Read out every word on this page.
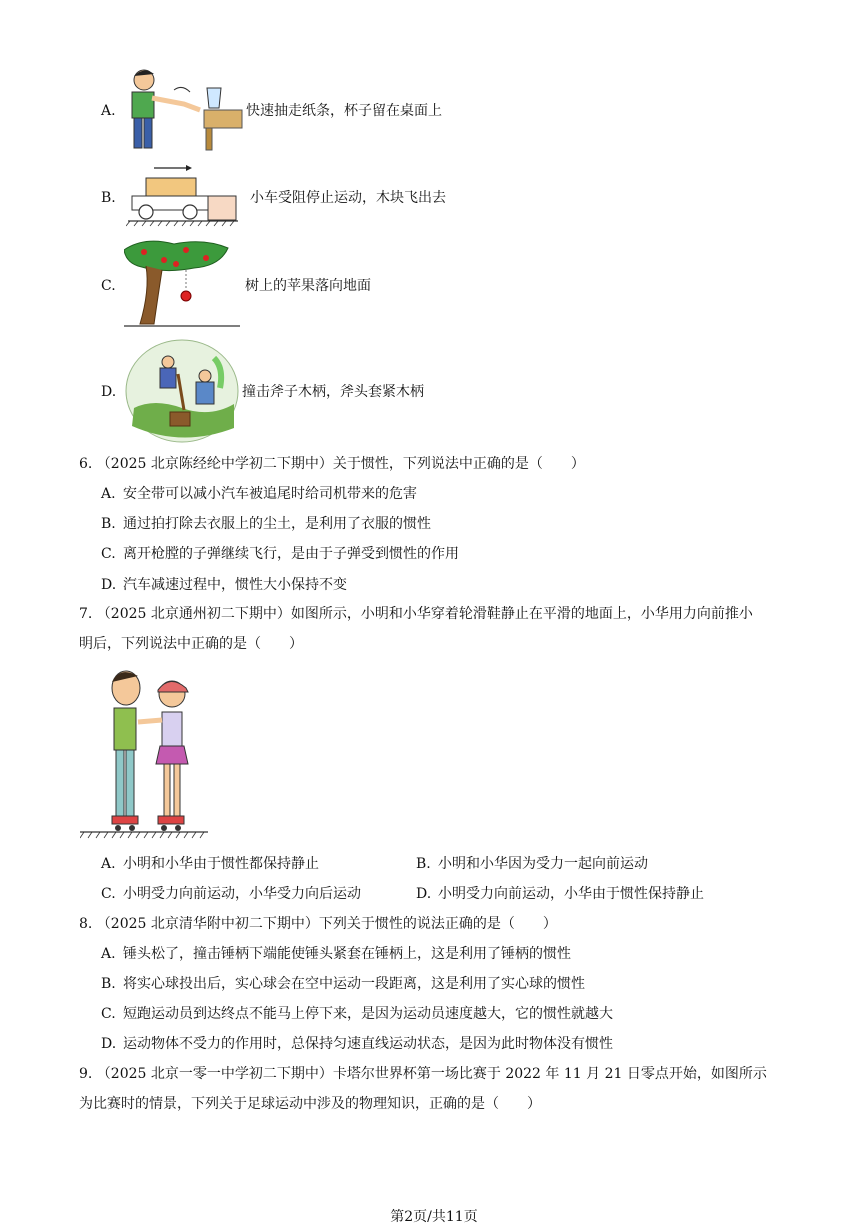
A.	快速抽走纸条，杯子留在桌面上
B.	小车受阻停止运动，木块飞出去
C.	树上的苹果落向地面
D.	撞击斧子木柄，斧头套紧木柄
6. （2025 北京陈经纶中学初二下期中）关于惯性，下列说法中正确的是（　　）
A. 安全带可以减小汽车被追尾时给司机带来的危害
B. 通过拍打除去衣服上的尘土，是利用了衣服的惯性
C. 离开枪膛的子弹继续飞行，是由于子弹受到惯性的作用
D. 汽车减速过程中，惯性大小保持不变
7. （2025 北京通州初二下期中）如图所示，小明和小华穿着轮滑鞋静止在平滑的地面上，小华用力向前推小
明后，下列说法中正确的是（　　）
A. 小明和小华由于惯性都保持静止	B. 小明和小华因为受力一起向前运动
C. 小明受力向前运动，小华受力向后运动	D. 小明受力向前运动，小华由于惯性保持静止
8. （2025 北京清华附中初二下期中）下列关于惯性的说法正确的是（　　）
A. 锤头松了，撞击锤柄下端能使锤头紧套在锤柄上，这是利用了锤柄的惯性
B. 将实心球投出后，实心球会在空中运动一段距离，这是利用了实心球的惯性
C. 短跑运动员到达终点不能马上停下来，是因为运动员速度越大，它的惯性就越大
D. 运动物体不受力的作用时，总保持匀速直线运动状态，是因为此时物体没有惯性
9. （2025 北京一零一中学初二下期中）卡塔尔世界杯第一场比赛于 2022 年 11 月 21 日零点开始，如图所示
为比赛时的情景，下列关于足球运动中涉及的物理知识，正确的是（　　）
第2页/共11页
